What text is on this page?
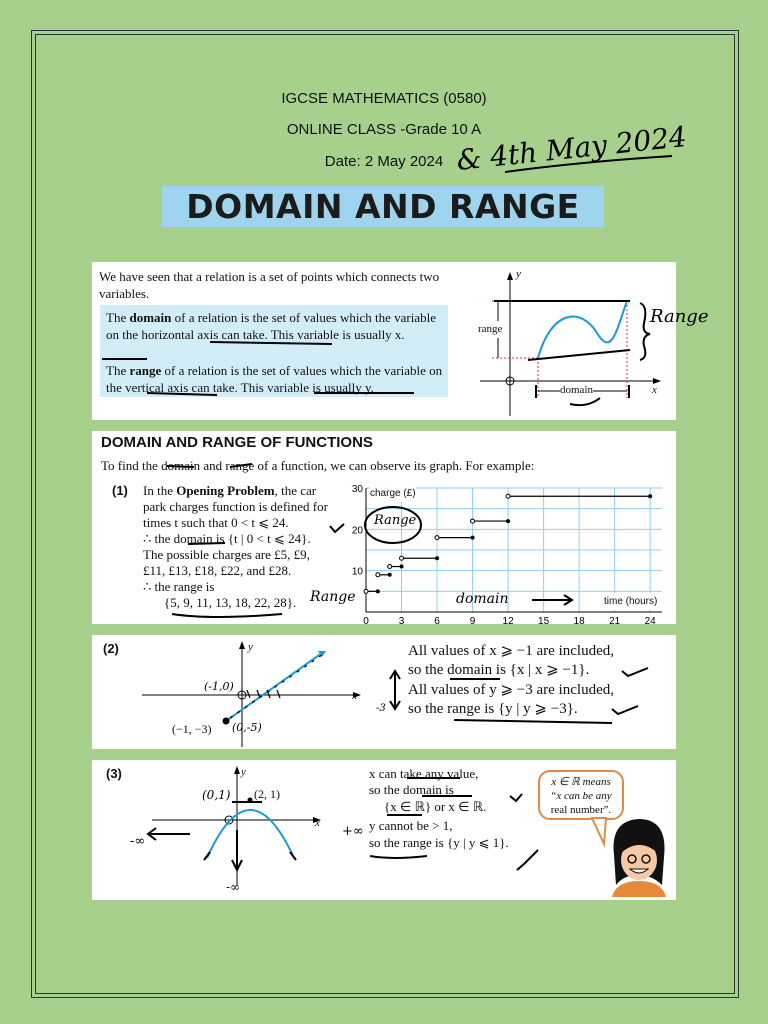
IGCSE MATHEMATICS (0580)
ONLINE CLASS -Grade 10 A
Date: 2 May 2024 & 4th May 2024
DOMAIN AND RANGE
We have seen that a relation is a set of points which connects two variables.
The domain of a relation is the set of values which the variable on the horizontal axis can take. This variable is usually x.
The range of a relation is the set of values which the variable on the vertical axis can take. This variable is usually y.
y
x
range
domain
Range
DOMAIN AND RANGE OF FUNCTIONS
To find the domain and range of a function, we can observe its graph. For example:
(1) In the Opening Problem, the car
park charges function is defined for
times t such that 0 < t ⩽ 24.
∴ the domain is {t | 0 < t ⩽ 24}.
The possible charges are £5, £9,
£11, £13, £18, £22, and £28.
∴ the range is
{5, 9, 11, 13, 18, 22, 28}. Range
0	3	6	9	12 15 18 21 24
10
20
30 charge (£)
time (hours)
Range
domain
(2)	y
x
(−1, −3)
(-1,0)
(0,-5)
-3
All values of x ⩾ −1 are included,
so the domain is {x | x ⩾ −1}.
All values of y ⩾ −3 are included,
so the range is {y | y ⩾ −3}.
(3)	y
x
(2, 1)
(0,1)
-∞
+∞
-∞
x can take any value,
so the domain is
{x ∈ ℝ} or x ∈ ℝ.
y cannot be > 1,
so the range is {y | y ⩽ 1}.
x ∈ ℝ means
“x can be any
real number”.
